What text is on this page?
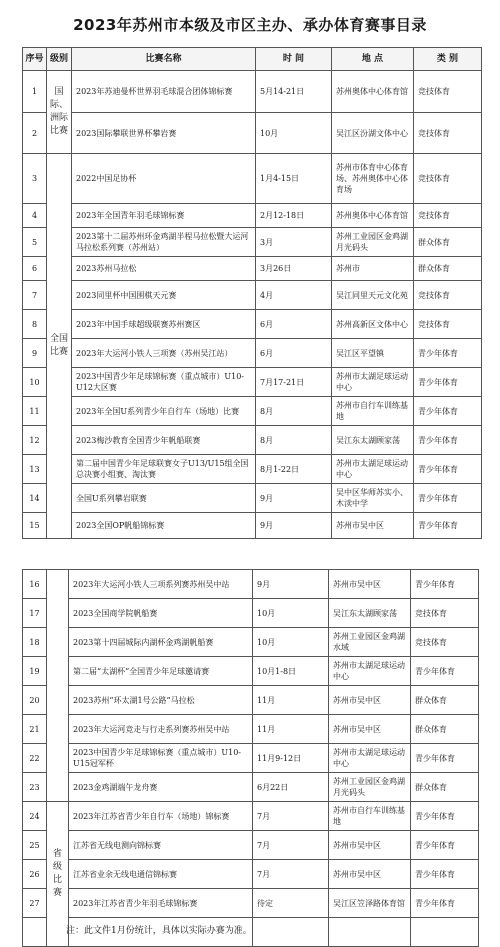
2023年苏州市本级及市区主办、承办体育赛事目录
序号	级别	比赛名称	时 间	地 点	类 别
1	国际、洲际比赛	2023年苏迪曼杯世界羽毛球混合团体锦标赛	5月14-21日	苏州奥体中心体育馆	竞技体育
2		2023国际攀联世界杯攀岩赛	10月	吴江区汾湖文体中心	竞技体育
3	全国比赛	2022中国足协杯	1月4-15日	苏州市体育中心体育场、苏州奥体中心体育场	竞技体育
4		2023年全国青年羽毛球锦标赛	2月12-18日	苏州奥体中心体育馆	竞技体育
5		2023第十二届苏州环金鸡湖半程马拉松暨大运河马拉松系列赛（苏州站）	3月	苏州工业园区金鸡湖月光码头	群众体育
6		2023苏州马拉松	3月26日	苏州市	群众体育
7		2023同里杯中国围棋天元赛	4月	吴江同里天元文化苑	竞技体育
8		2023年中国手球超级联赛苏州赛区	6月	苏州高新区文体中心	竞技体育
9		2023年大运河小铁人三项赛（苏州吴江站）	6月	吴江区平望镇	青少年体育
10		2023中国青少年足球锦标赛（重点城市）U10-U12大区赛	7月17-21日	苏州市太湖足球运动中心	青少年体育
11		2023年全国U系列青少年自行车（场地）比赛	8月	苏州市自行车训练基地	青少年体育
12		2023梅沙教育全国青少年帆船联赛	8月	吴江东太湖顾家荡	青少年体育
13		第二届中国青少年足球联赛女子U13/U15组全国总决赛小组赛、淘汰赛	8月1-22日	苏州市太湖足球运动中心	青少年体育
14		全国U系列攀岩联赛	9月	吴中区华师苏实小、木渎中学	青少年体育
15		2023全国OP帆船锦标赛	9月	苏州市吴中区	青少年体育
16		2023年大运河小铁人三项系列赛苏州吴中站	9月	苏州市吴中区	青少年体育
17		2023全国商学院帆船赛	10月	吴江东太湖顾家荡	竞技体育
18		2023第十四届城际内湖杯金鸡湖帆船赛	10月	苏州工业园区金鸡湖水域	竞技体育
19		第二届“太湖杯”全国青少年足球邀请赛	10月1-8日	苏州市太湖足球运动中心	青少年体育
20		2023苏州“环太湖1号公路”马拉松	11月	苏州市吴中区	群众体育
21		2023年大运河竞走与行走系列赛苏州吴中站	11月	苏州市吴中区	群众体育
22		2023中国青少年足球锦标赛（重点城市）U10-U15冠军杯	11月9-12日	苏州市太湖足球运动中心	青少年体育
23		2023金鸡湖端午龙舟赛	6月22日	苏州工业园区金鸡湖月光码头	群众体育
24	省级比赛	2023年江苏省青少年自行车（场地）锦标赛	7月	苏州市自行车训练基地	青少年体育
25		江苏省无线电测向锦标赛	7月	苏州市吴中区	青少年体育
26		江苏省业余无线电通信锦标赛	7月	苏州市吴中区	青少年体育
27		2023年江苏省青少年羽毛球锦标赛	待定	吴江区笠泽路体育馆	青少年体育

注：此文件1月份统计，具体以实际办赛为准。
